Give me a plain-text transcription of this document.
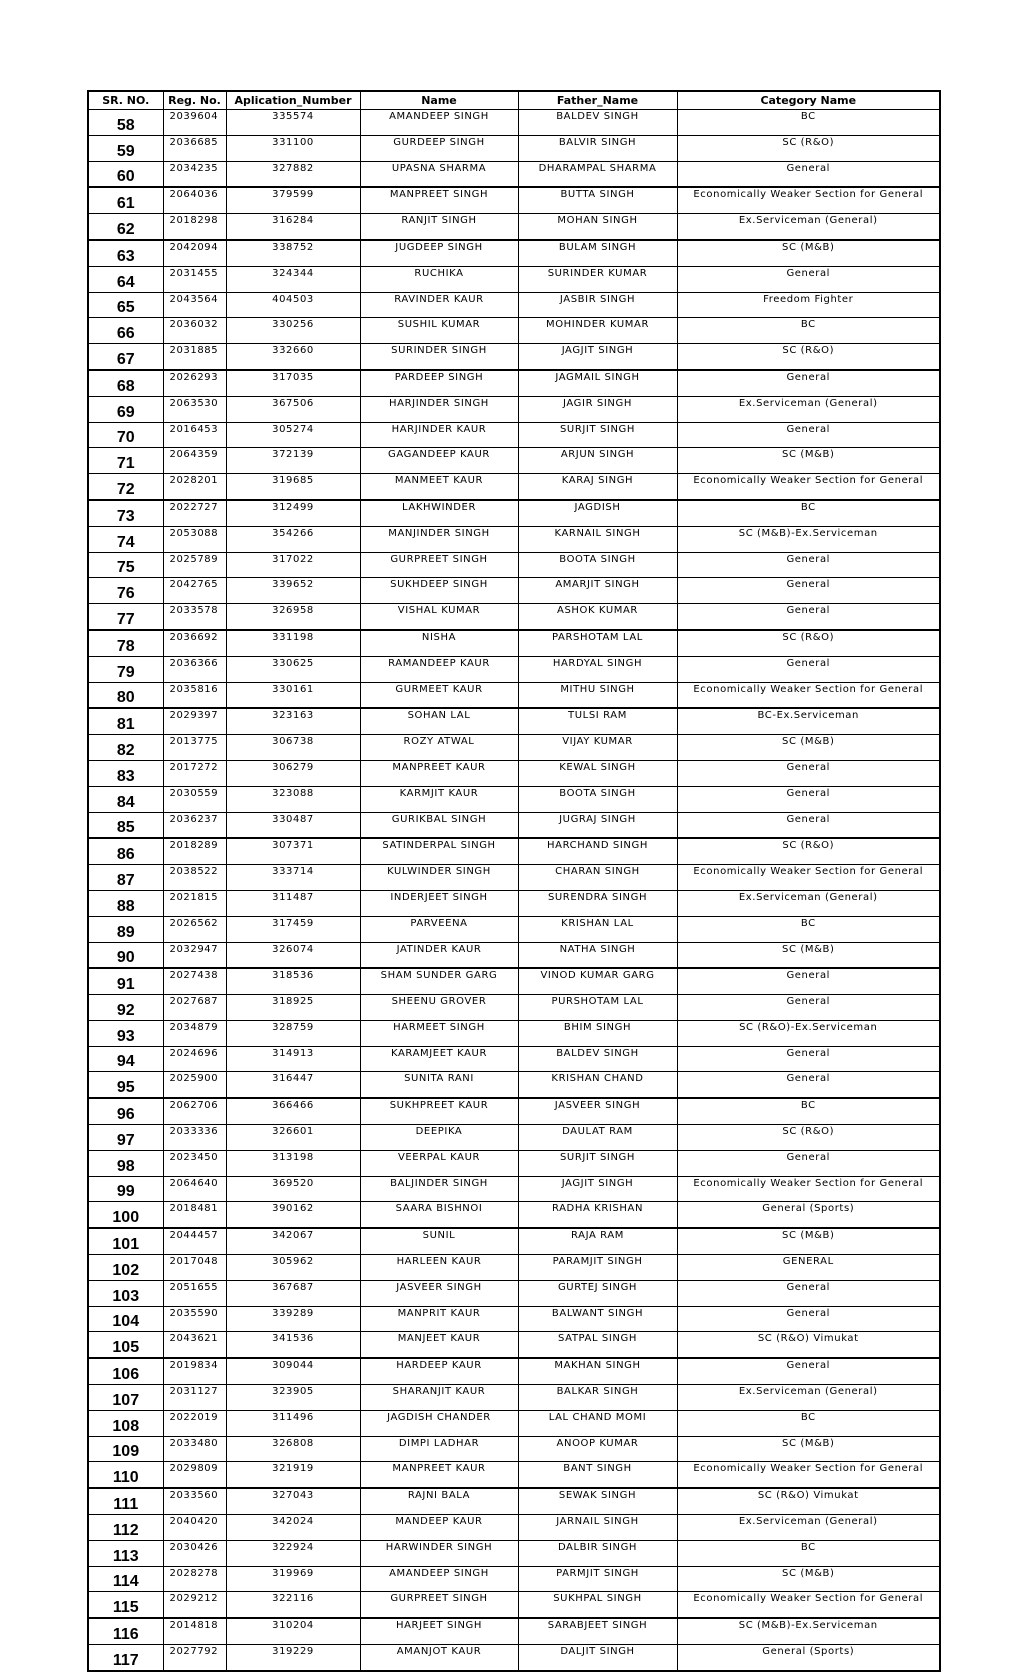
SR. NO.	Reg. No.	Aplication_Number	Name	Father_Name	Category Name
58	2039604	335574	AMANDEEP SINGH	BALDEV SINGH	BC
59	2036685	331100	GURDEEP SINGH	BALVIR SINGH	SC (R&O)
60	2034235	327882	UPASNA SHARMA	DHARAMPAL SHARMA	General
61	2064036	379599	MANPREET SINGH	BUTTA SINGH	Economically Weaker Section for General
62	2018298	316284	RANJIT SINGH	MOHAN SINGH	Ex.Serviceman (General)
63	2042094	338752	JUGDEEP SINGH	BULAM SINGH	SC (M&B)
64	2031455	324344	RUCHIKA	SURINDER KUMAR	General
65	2043564	404503	RAVINDER KAUR	JASBIR SINGH	Freedom Fighter
66	2036032	330256	SUSHIL KUMAR	MOHINDER KUMAR	BC
67	2031885	332660	SURINDER SINGH	JAGJIT SINGH	SC (R&O)
68	2026293	317035	PARDEEP SINGH	JAGMAIL SINGH	General
69	2063530	367506	HARJINDER SINGH	JAGIR SINGH	Ex.Serviceman (General)
70	2016453	305274	HARJINDER KAUR	SURJIT SINGH	General
71	2064359	372139	GAGANDEEP KAUR	ARJUN SINGH	SC (M&B)
72	2028201	319685	MANMEET KAUR	KARAJ SINGH	Economically Weaker Section for General
73	2022727	312499	LAKHWINDER	JAGDISH	BC
74	2053088	354266	MANJINDER SINGH	KARNAIL SINGH	SC (M&B)-Ex.Serviceman
75	2025789	317022	GURPREET SINGH	BOOTA SINGH	General
76	2042765	339652	SUKHDEEP SINGH	AMARJIT SINGH	General
77	2033578	326958	VISHAL KUMAR	ASHOK KUMAR	General
78	2036692	331198	NISHA	PARSHOTAM LAL	SC (R&O)
79	2036366	330625	RAMANDEEP KAUR	HARDYAL SINGH	General
80	2035816	330161	GURMEET KAUR	MITHU SINGH	Economically Weaker Section for General
81	2029397	323163	SOHAN LAL	TULSI RAM	BC-Ex.Serviceman
82	2013775	306738	ROZY ATWAL	VIJAY KUMAR	SC (M&B)
83	2017272	306279	MANPREET KAUR	KEWAL SINGH	General
84	2030559	323088	KARMJIT KAUR	BOOTA SINGH	General
85	2036237	330487	GURIKBAL SINGH	JUGRAJ SINGH	General
86	2018289	307371	SATINDERPAL SINGH	HARCHAND SINGH	SC (R&O)
87	2038522	333714	KULWINDER SINGH	CHARAN SINGH	Economically Weaker Section for General
88	2021815	311487	INDERJEET SINGH	SURENDRA SINGH	Ex.Serviceman (General)
89	2026562	317459	PARVEENA	KRISHAN LAL	BC
90	2032947	326074	JATINDER KAUR	NATHA SINGH	SC (M&B)
91	2027438	318536	SHAM SUNDER GARG	VINOD KUMAR GARG	General
92	2027687	318925	SHEENU GROVER	PURSHOTAM LAL	General
93	2034879	328759	HARMEET SINGH	BHIM SINGH	SC (R&O)-Ex.Serviceman
94	2024696	314913	KARAMJEET KAUR	BALDEV SINGH	General
95	2025900	316447	SUNITA RANI	KRISHAN CHAND	General
96	2062706	366466	SUKHPREET KAUR	JASVEER SINGH	BC
97	2033336	326601	DEEPIKA	DAULAT RAM	SC (R&O)
98	2023450	313198	VEERPAL KAUR	SURJIT SINGH	General
99	2064640	369520	BALJINDER SINGH	JAGJIT SINGH	Economically Weaker Section for General
100	2018481	390162	SAARA BISHNOI	RADHA KRISHAN	General (Sports)
101	2044457	342067	SUNIL	RAJA RAM	SC (M&B)
102	2017048	305962	HARLEEN KAUR	PARAMJIT SINGH	GENERAL
103	2051655	367687	JASVEER SINGH	GURTEJ SINGH	General
104	2035590	339289	MANPRIT KAUR	BALWANT SINGH	General
105	2043621	341536	MANJEET KAUR	SATPAL SINGH	SC (R&O) Vimukat
106	2019834	309044	HARDEEP KAUR	MAKHAN SINGH	General
107	2031127	323905	SHARANJIT KAUR	BALKAR SINGH	Ex.Serviceman (General)
108	2022019	311496	JAGDISH CHANDER	LAL CHAND MOMI	BC
109	2033480	326808	DIMPI LADHAR	ANOOP KUMAR	SC (M&B)
110	2029809	321919	MANPREET KAUR	BANT SINGH	Economically Weaker Section for General
111	2033560	327043	RAJNI BALA	SEWAK SINGH	SC (R&O) Vimukat
112	2040420	342024	MANDEEP KAUR	JARNAIL SINGH	Ex.Serviceman (General)
113	2030426	322924	HARWINDER SINGH	DALBIR SINGH	BC
114	2028278	319969	AMANDEEP SINGH	PARMJIT SINGH	SC (M&B)
115	2029212	322116	GURPREET SINGH	SUKHPAL SINGH	Economically Weaker Section for General
116	2014818	310204	HARJEET SINGH	SARABJEET SINGH	SC (M&B)-Ex.Serviceman
117	2027792	319229	AMANJOT KAUR	DALJIT SINGH	General (Sports)
